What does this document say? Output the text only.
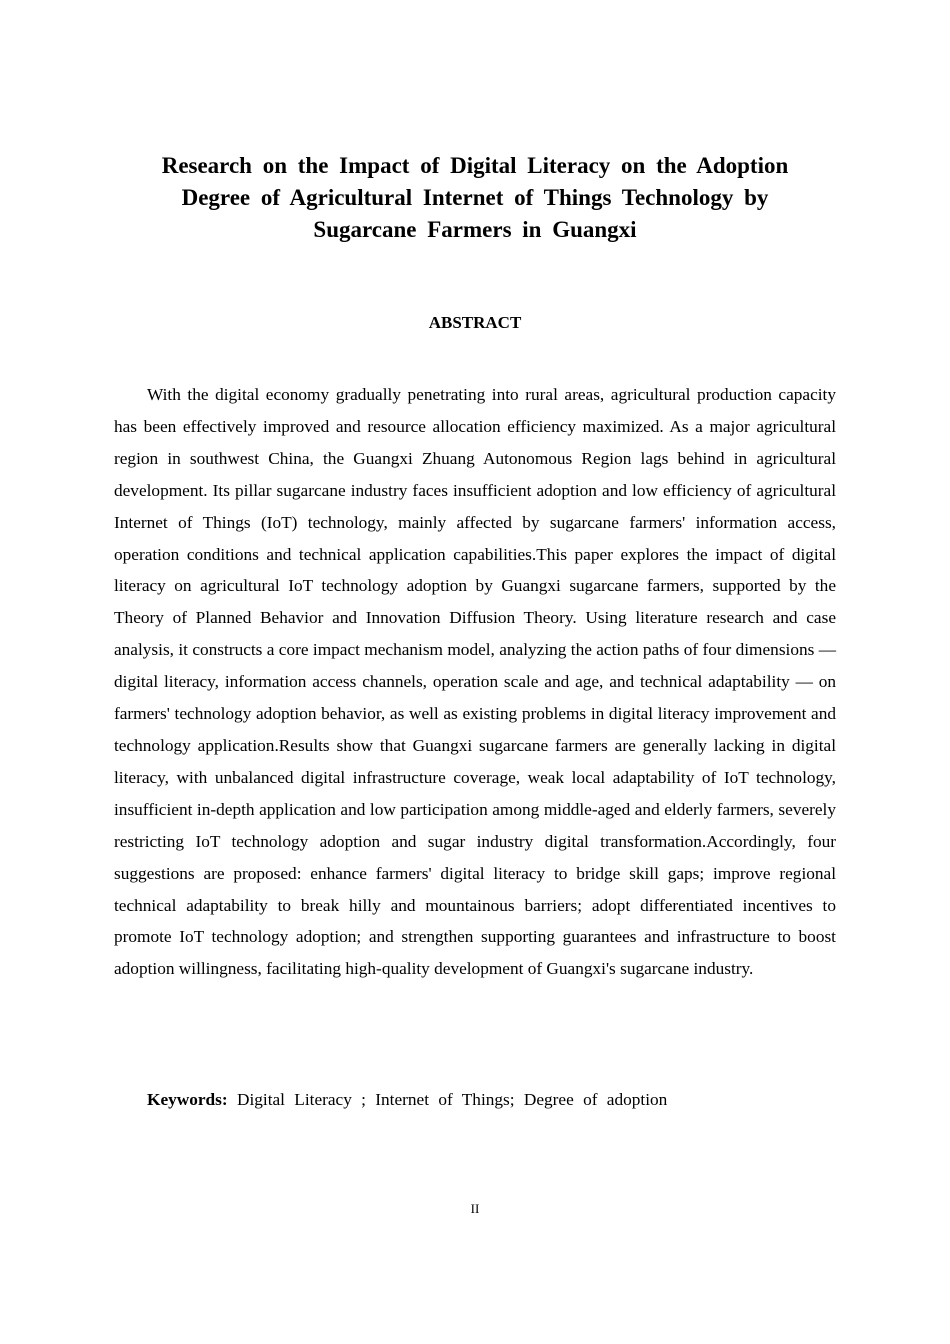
Research on the Impact of Digital Literacy on the Adoption
Degree of Agricultural Internet of Things Technology by
Sugarcane Farmers in Guangxi
ABSTRACT

With the digital economy gradually penetrating into rural areas, agricultural production capacity has been effectively improved and resource allocation efficiency maximized. As a major agricultural region in southwest China, the Guangxi Zhuang Autonomous Region lags behind in agricultural development. Its pillar sugarcane industry faces insufficient adoption and low efficiency of agricultural Internet of Things (IoT) technology, mainly affected by sugarcane farmers' information access, operation conditions and technical application capabilities.This paper explores the impact of digital literacy on agricultural IoT technology adoption by Guangxi sugarcane farmers, supported by the Theory of Planned Behavior and Innovation Diffusion Theory. Using literature research and case analysis, it constructs a core impact mechanism model, analyzing the action paths of four dimensions — digital literacy, information access channels, operation scale and age, and technical adaptability — on farmers' technology adoption behavior, as well as existing problems in digital literacy improvement and technology application.Results show that Guangxi sugarcane farmers are generally lacking in digital literacy, with unbalanced digital infrastructure coverage, weak local adaptability of IoT technology, insufficient in-depth application and low participation among middle-aged and elderly farmers, severely restricting IoT technology adoption and sugar industry digital transformation.Accordingly, four suggestions are proposed: enhance farmers' digital literacy to bridge skill gaps; improve regional technical adaptability to break hilly and mountainous barriers; adopt differentiated incentives to promote IoT technology adoption; and strengthen supporting guarantees and infrastructure to boost adoption willingness, facilitating high-quality development of Guangxi's sugarcane industry.

Keywords: Digital Literacy ; Internet of Things; Degree of adoption
II
